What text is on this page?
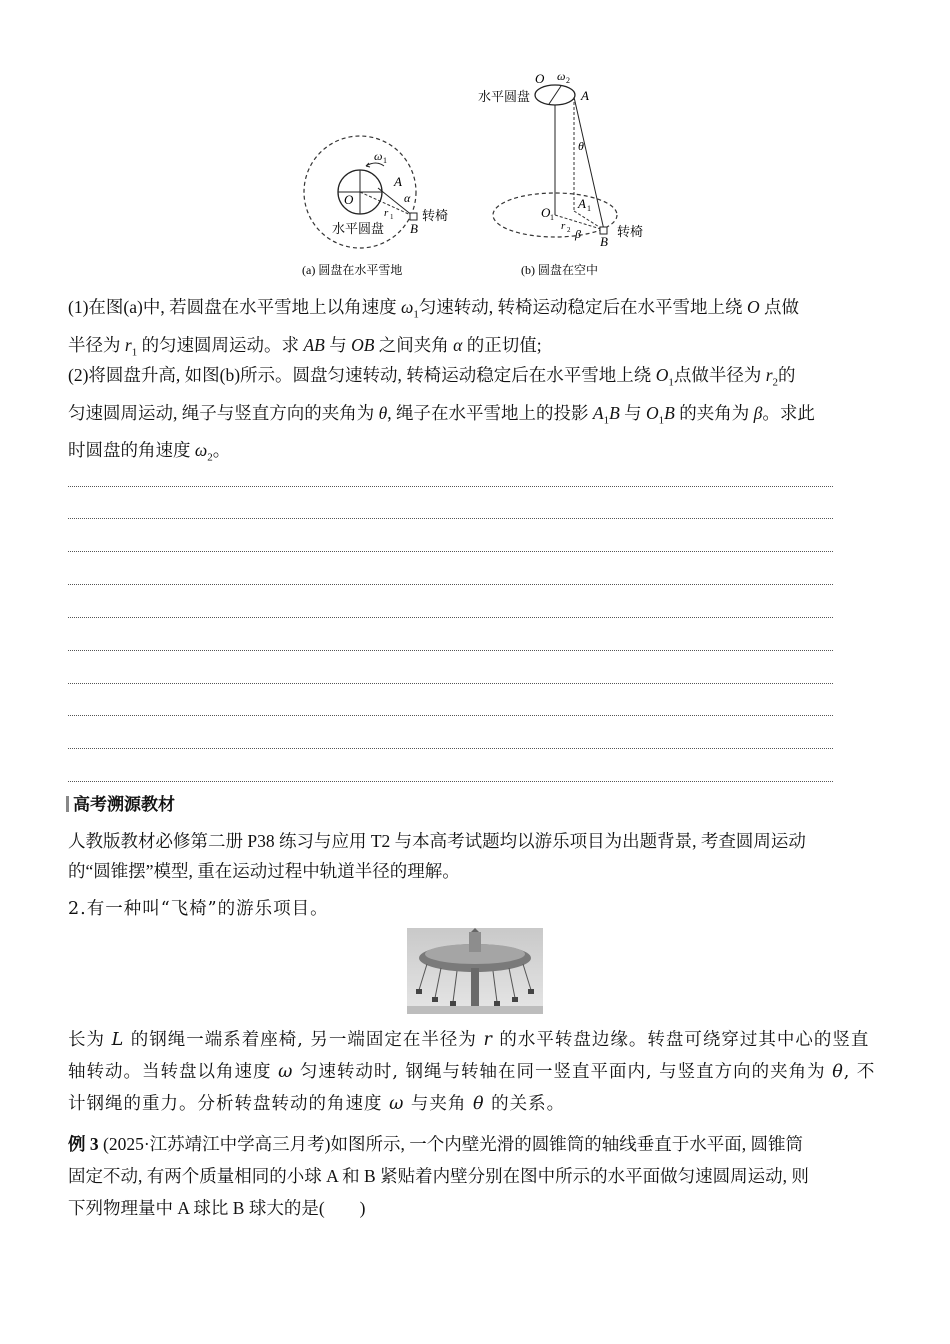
ω 1
O
A
α
r 1
B
转椅
水平圆盘
(a) 圆盘在水平雪地
O ω 2
A
水平圆盘
θ
O 1
A 1
r 2 β B
转椅
(b) 圆盘在空中
(1)在图(a)中, 若圆盘在水平雪地上以角速度 $\omega_1$匀速转动, 转椅运动稳定后在水平雪地上绕 O 点做
半径为 $r_1$ 的匀速圆周运动。求 AB 与 OB 之间夹角 α 的正切值;
(2)将圆盘升高, 如图(b)所示。圆盘匀速转动, 转椅运动稳定后在水平雪地上绕 $O_1$点做半径为 $r_2$的
匀速圆周运动, 绳子与竖直方向的夹角为 θ, 绳子在水平雪地上的投影 $A_1B$ 与 $O_1B$ 的夹角为 β。求此
时圆盘的角速度 $\omega_2$。
高考溯源教材
人教版教材必修第二册 P38 练习与应用 T2 与本高考试题均以游乐项目为出题背景, 考查圆周运动
的“圆锥摆”模型, 重在运动过程中轨道半径的理解。
2.有一种叫“飞椅”的游乐项目。
长为 L 的钢绳一端系着座椅, 另一端固定在半径为 r 的水平转盘边缘。转盘可绕穿过其中心的竖直
轴转动。当转盘以角速度 ω 匀速转动时, 钢绳与转轴在同一竖直平面内, 与竖直方向的夹角为 θ, 不
计钢绳的重力。分析转盘转动的角速度 ω 与夹角 θ 的关系。
例 3 (2025·江苏靖江中学高三月考)如图所示, 一个内壁光滑的圆锥筒的轴线垂直于水平面, 圆锥筒
固定不动, 有两个质量相同的小球 A 和 B 紧贴着内壁分别在图中所示的水平面做匀速圆周运动, 则
下列物理量中 A 球比 B 球大的是(　　)
